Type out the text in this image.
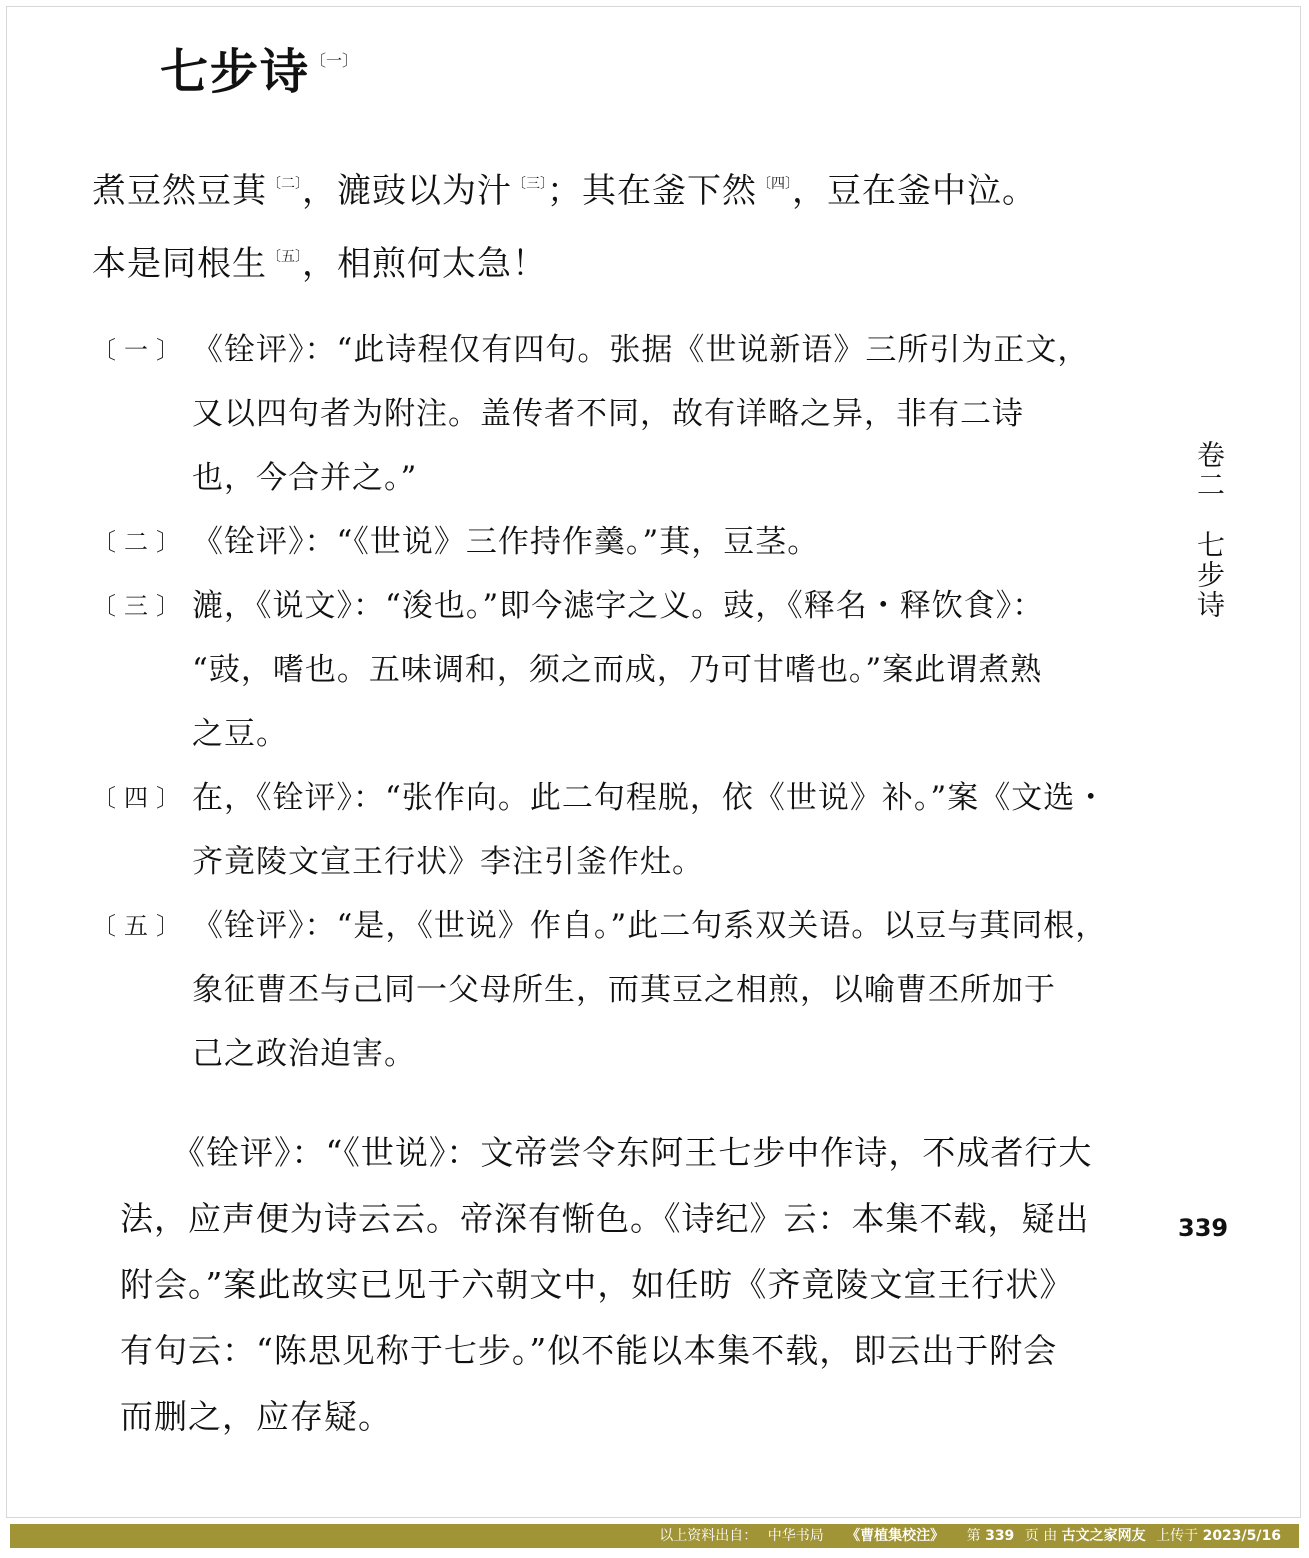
七步诗$^{〔一〕}$
煮豆然豆萁$^{〔二〕}$，漉豉以为汁$^{〔三〕}$；其在釜下然$^{〔四〕}$，豆在釜中泣。
本是同根生$^{〔五〕}$，相煎何太急！
〔一〕 《铨评》：“此诗程仅有四句。张据《世说新语》三所引为正文，
又以四句者为附注。盖传者不同，故有详略之异，非有二诗
也，今合并之。”
〔二〕 《铨评》：“《世说》三作持作羹。”萁，豆茎。
〔三〕 漉，《说文》：“浚也。”即今滤字之义。豉，《释名・释饮食》：
“豉，嗜也。五味调和，须之而成，乃可甘嗜也。”案此谓煮熟
之豆。
〔四〕 在，《铨评》：“张作向。此二句程脱，依《世说》补。”案《文选・
齐竟陵文宣王行状》李注引釜作灶。
〔五〕 《铨评》：“是，《世说》作自。”此二句系双关语。以豆与萁同根，
象征曹丕与己同一父母所生，而萁豆之相煎，以喻曹丕所加于
己之政治迫害。
《铨评》：“《世说》：文帝尝令东阿王七步中作诗，不成者行大
法，应声便为诗云云。帝深有惭色。《诗纪》云：本集不载，疑出
附会。”案此故实已见于六朝文中，如任昉《齐竟陵文宣王行状》
有句云：“陈思见称于七步。”似不能以本集不载，即云出于附会
而删之，应存疑。
卷二　七步诗
339
以上资料出自： 中华书局 《曹植集校注》 第 339 页 由 古文之家网友 上传于 2023/5/16
